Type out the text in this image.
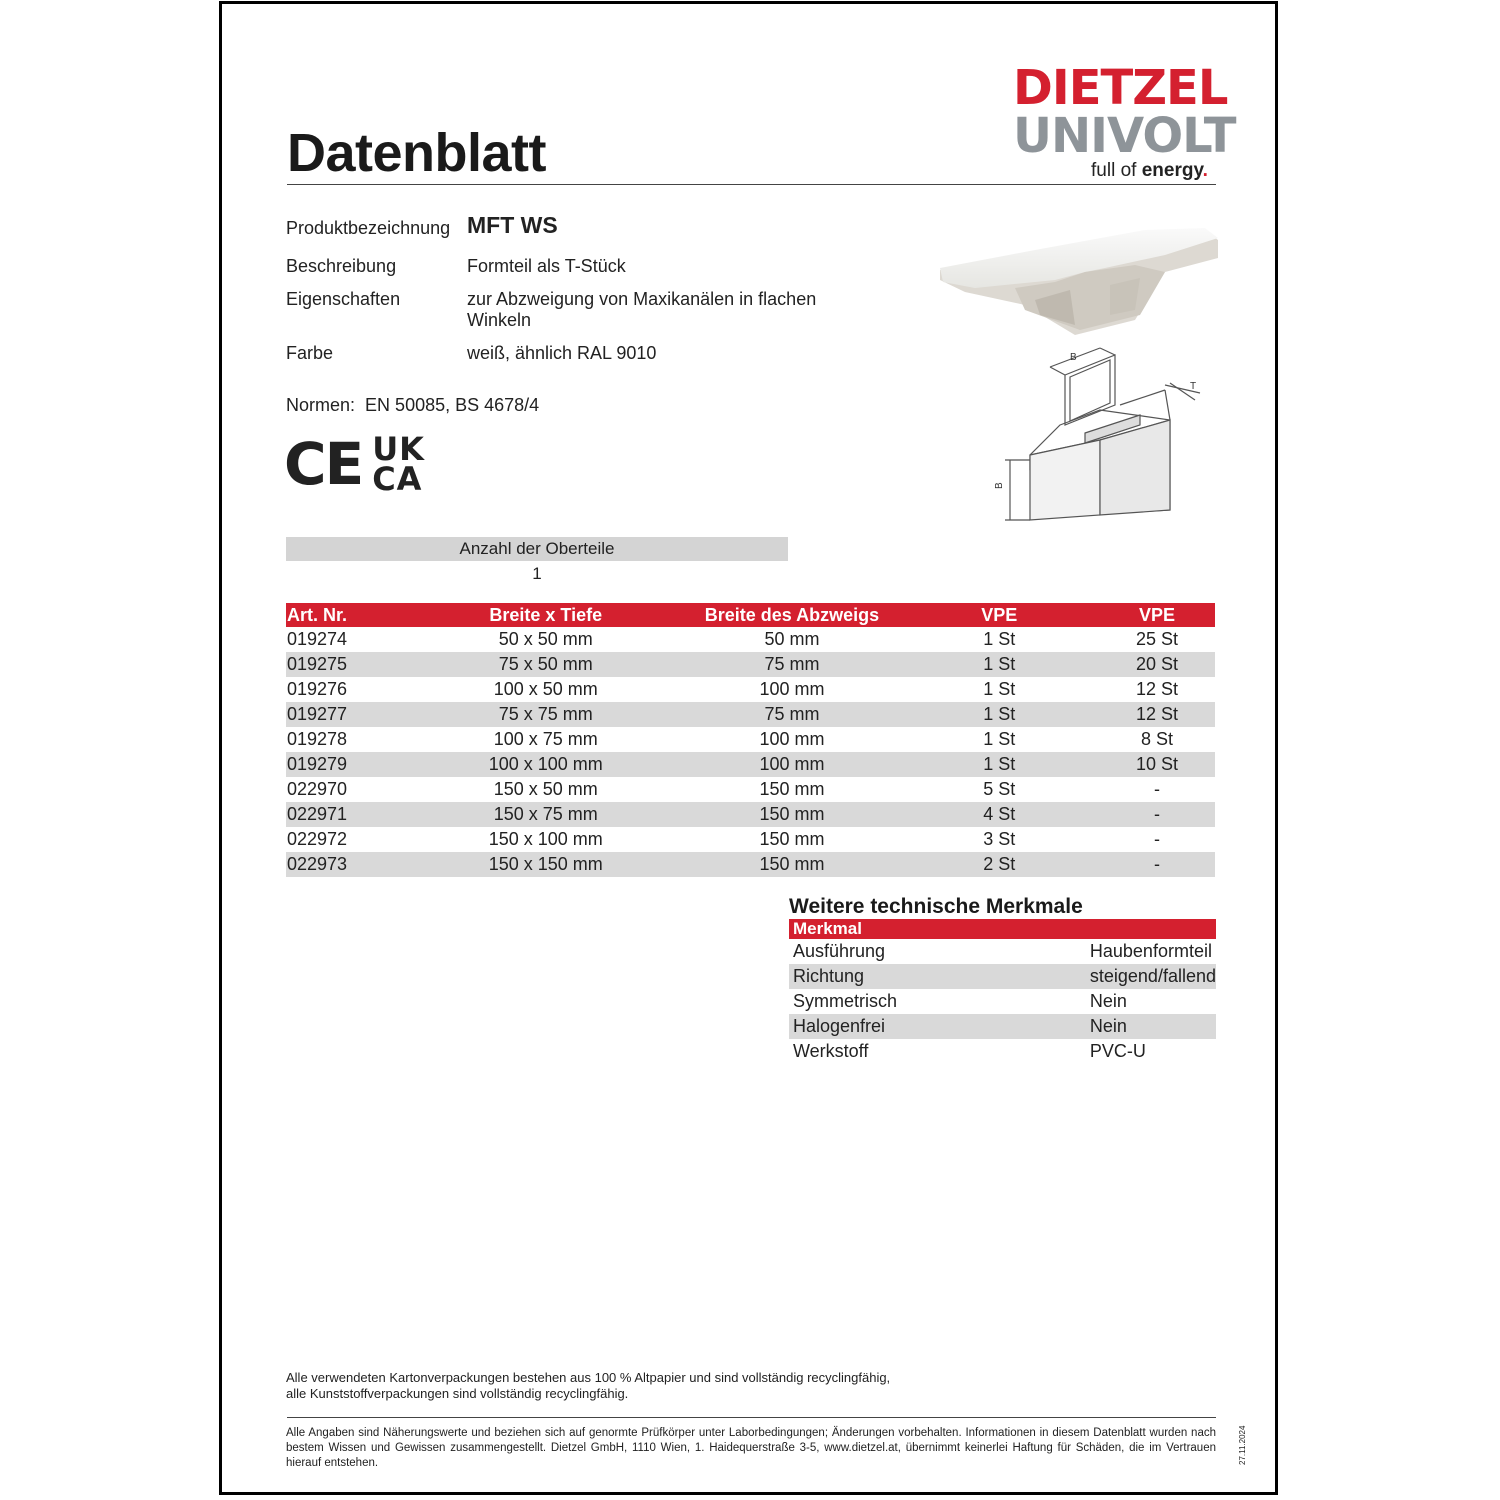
Datenblatt
DIETZEL
UNIVOLT
full of energy.
Produktbezeichnung MFT WS
Beschreibung	Formteil als T-Stück
Eigenschaften	zur Abzweigung von Maxikanälen in flachen Winkeln
Farbe	weiß, ähnlich RAL 9010
Normen: EN 50085, BS 4678/4
CE UK
CA
B
T
B
Anzahl der Oberteile
1
Art. Nr.	Breite x Tiefe	Breite des Abzweigs	VPE	VPE
019274	50 x 50 mm	50 mm	1 St	25 St
019275	75 x 50 mm	75 mm	1 St	20 St
019276	100 x 50 mm	100 mm	1 St	12 St
019277	75 x 75 mm	75 mm	1 St	12 St
019278	100 x 75 mm	100 mm	1 St	8 St
019279	100 x 100 mm	100 mm	1 St	10 St
022970	150 x 50 mm	150 mm	5 St	-
022971	150 x 75 mm	150 mm	4 St	-
022972	150 x 100 mm	150 mm	3 St	-
022973	150 x 150 mm	150 mm	2 St	-
Weitere technische Merkmale
Merkmal	
Ausführung	Haubenformteil
Richtung	steigend/fallend
Symmetrisch	Nein
Halogenfrei	Nein
Werkstoff	PVC-U
Alle verwendeten Kartonverpackungen bestehen aus 100 % Altpapier und sind vollständig recyclingfähig,
alle Kunststoffverpackungen sind vollständig recyclingfähig.
Alle Angaben sind Näherungswerte und beziehen sich auf genormte Prüfkörper unter Laborbedingungen; Änderungen vorbehalten. Informationen in diesem Datenblatt wurden nach bestem Wissen und Gewissen zusammengestellt. Dietzel GmbH, 1110 Wien, 1. Haidequerstraße 3-5, www.dietzel.at, übernimmt keinerlei Haftung für Schäden, die im Vertrauen hierauf entstehen.	27.11.2024
